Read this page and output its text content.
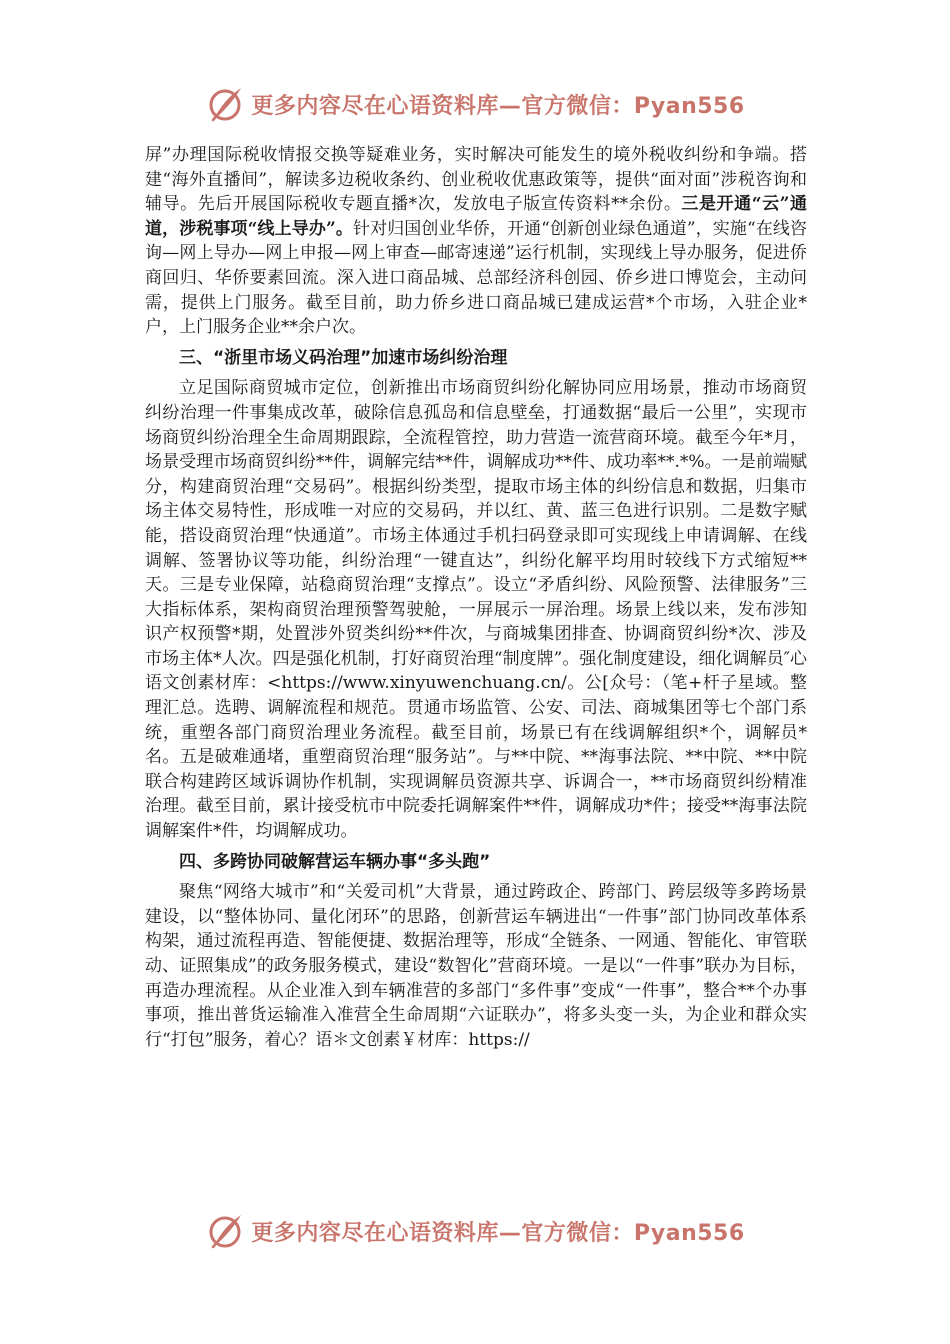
更多内容尽在心语资料库—官方微信：Pyan556

屏”办理国际税收情报交换等疑难业务，实时解决可能发生的境外税收纠纷和争端。搭建“海外直播间”，解读多边税收条约、创业税收优惠政策等，提供“面对面”涉税咨询和辅导。先后开展国际税收专题直播*次，发放电子版宣传资料**余份。三是开通“云”通道，涉税事项“线上导办”。针对归国创业华侨，开通“创新创业绿色通道”，实施“在线咨询—网上导办—网上申报—网上审查—邮寄速递”运行机制，实现线上导办服务，促进侨商回归、华侨要素回流。深入进口商品城、总部经济科创园、侨乡进口博览会，主动问需，提供上门服务。截至目前，助力侨乡进口商品城已建成运营*个市场，入驻企业*户，上门服务企业**余户次。

三、“浙里市场义码治理”加速市场纠纷治理

立足国际商贸城市定位，创新推出市场商贸纠纷化解协同应用场景，推动市场商贸纠纷治理一件事集成改革，破除信息孤岛和信息壁垒，打通数据“最后一公里”，实现市场商贸纠纷治理全生命周期跟踪，全流程管控，助力营造一流营商环境。截至今年*月，场景受理市场商贸纠纷**件，调解完结**件，调解成功**件、成功率**.*%。一是前端赋分，构建商贸治理“交易码”。根据纠纷类型，提取市场主体的纠纷信息和数据，归集市场主体交易特性，形成唯一对应的交易码，并以红、黄、蓝三色进行识别。二是数字赋能，搭设商贸治理“快通道”。市场主体通过手机扫码登录即可实现线上申请调解、在线调解、签署协议等功能，纠纷治理“一键直达”，纠纷化解平均用时较线下方式缩短**天。三是专业保障，站稳商贸治理“支撑点”。设立“矛盾纠纷、风险预警、法律服务”三大指标体系，架构商贸治理预警驾驶舱，一屏展示一屏治理。场景上线以来，发布涉知识产权预警*期，处置涉外贸类纠纷**件次，与商城集团排查、协调商贸纠纷*次、涉及市场主体*人次。四是强化机制，打好商贸治理“制度牌”。强化制度建设，细化调解员″心语文创素材库：<https://www.xinyuwenchuang.cn/。公[众号：（笔+杆子星域。整理汇总。选聘、调解流程和规范。贯通市场监管、公安、司法、商城集团等七个部门系统，重塑各部门商贸治理业务流程。截至目前，场景已有在线调解组织*个，调解员*名。五是破难通堵，重塑商贸治理“服务站”。与**中院、**海事法院、**中院、**中院联合构建跨区域诉调协作机制，实现调解员资源共享、诉调合一，**市场商贸纠纷精准治理。截至目前，累计接受杭市中院委托调解案件**件，调解成功*件；接受**海事法院调解案件*件，均调解成功。

四、多跨协同破解营运车辆办事“多头跑”

聚焦“网络大城市”和“关爱司机”大背景，通过跨政企、跨部门、跨层级等多跨场景建设，以“整体协同、量化闭环”的思路，创新营运车辆进出“一件事”部门协同改革体系构架，通过流程再造、智能便捷、数据治理等，形成“全链条、一网通、智能化、审管联动、证照集成”的政务服务模式，建设“数智化”营商环境。一是以“一件事”联办为目标，再造办理流程。从企业准入到车辆准营的多部门“多件事”变成“一件事”，整合**个办事事项，推出普货运输准入准营全生命周期“六证联办”，将多头变一头，为企业和群众实行“打包”服务，着心？语＊文创素￥材库：https://

更多内容尽在心语资料库—官方微信：Pyan556
